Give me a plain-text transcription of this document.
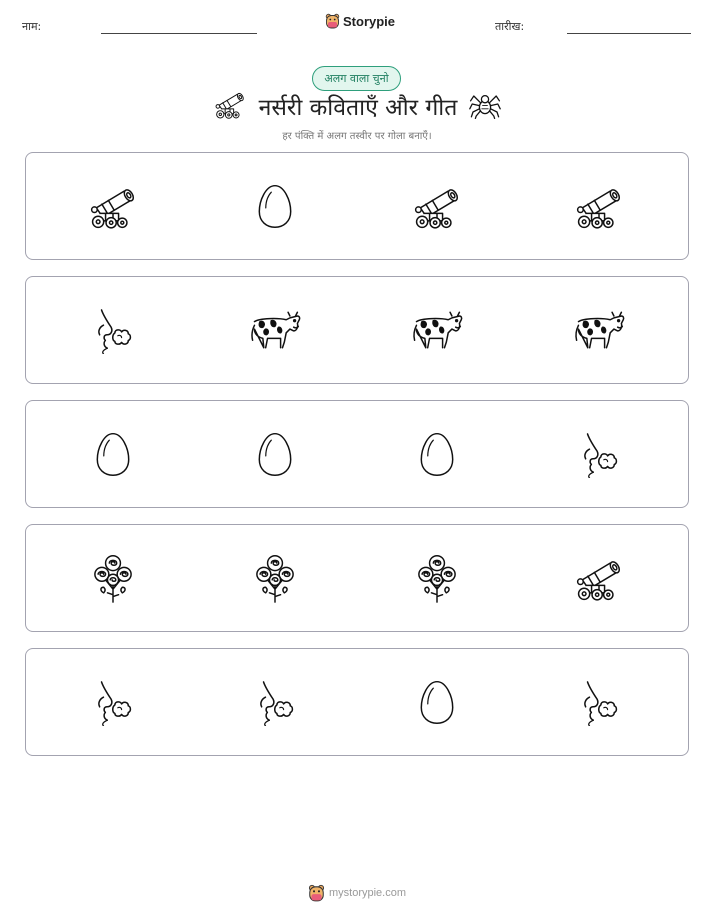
नाम:	Storypie	तारीख:
अलग वाला चुनो
नर्सरी कविताएँ और गीत
हर पंक्ति में अलग तस्वीर पर गोला बनाएँ।
mystorypie.com
